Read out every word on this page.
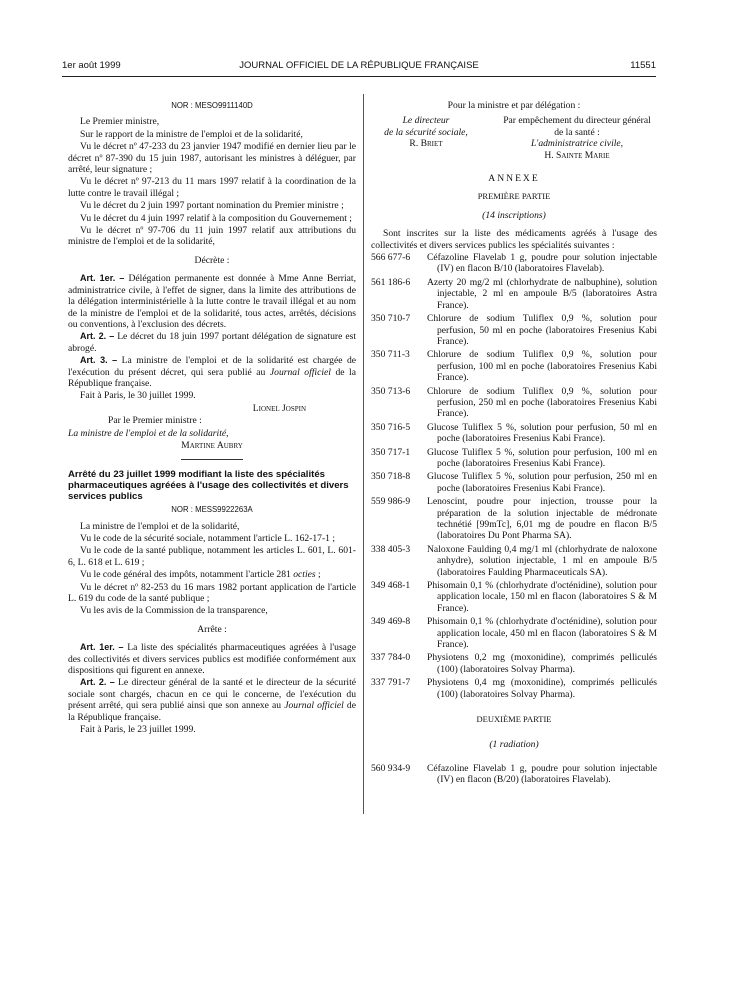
1er août 1999	JOURNAL OFFICIEL DE LA RÉPUBLIQUE FRANÇAISE	11551

NOR : MESO9911140D

Le Premier ministre,

Sur le rapport de la ministre de l'emploi et de la solidarité,

Vu le décret nº 47-233 du 23 janvier 1947 modifié en dernier lieu par le décret nº 87-390 du 15 juin 1987, autorisant les ministres à déléguer, par arrêté, leur signature ;

Vu le décret nº 97-213 du 11 mars 1997 relatif à la coordination de la lutte contre le travail illégal ;

Vu le décret du 2 juin 1997 portant nomination du Premier ministre ;

Vu le décret du 4 juin 1997 relatif à la composition du Gouvernement ;

Vu le décret nº 97-706 du 11 juin 1997 relatif aux attributions du ministre de l'emploi et de la solidarité,

Décrète :

Art. 1er. – Délégation permanente est donnée à Mme Anne Berriat, administratrice civile, à l'effet de signer, dans la limite des attributions de la délégation interministérielle à la lutte contre le travail illégal et au nom de la ministre de l'emploi et de la solidarité, tous actes, arrêtés, décisions ou conventions, à l'exclusion des décrets.

Art. 2. – Le décret du 18 juin 1997 portant délégation de signature est abrogé.

Art. 3. – La ministre de l'emploi et de la solidarité est chargée de l'exécution du présent décret, qui sera publié au Journal officiel de la République française.

Fait à Paris, le 30 juillet 1999.

Lionel Jospin

Par le Premier ministre :

La ministre de l'emploi et de la solidarité,

Martine Aubry

Arrêté du 23 juillet 1999 modifiant la liste des spécialités pharmaceutiques agréées à l'usage des collectivités et divers services publics

NOR : MESS9922263A

La ministre de l'emploi et de la solidarité,

Vu le code de la sécurité sociale, notamment l'article L. 162-17-1 ;

Vu le code de la santé publique, notamment les articles L. 601, L. 601-6, L. 618 et L. 619 ;

Vu le code général des impôts, notamment l'article 281 octies ;

Vu le décret nº 82-253 du 16 mars 1982 portant application de l'article L. 619 du code de la santé publique ;

Vu les avis de la Commission de la transparence,

Arrête :

Art. 1er. – La liste des spécialités pharmaceutiques agréées à l'usage des collectivités et divers services publics est modifiée conformément aux dispositions qui figurent en annexe.

Art. 2. – Le directeur général de la santé et le directeur de la sécurité sociale sont chargés, chacun en ce qui le concerne, de l'exécution du présent arrêté, qui sera publié ainsi que son annexe au Journal officiel de la République française.

Fait à Paris, le 23 juillet 1999.

Pour la ministre et par délégation :

Le directeur
de la sécurité sociale,
R. Briet
Par empêchement du directeur général
de la santé :
L'administratrice civile,
H. Sainte Marie

ANNEXE

PREMIÈRE PARTIE

(14 inscriptions)

Sont inscrites sur la liste des médicaments agréés à l'usage des collectivités et divers services publics les spécialités suivantes :

566 677-6	Céfazoline Flavelab 1 g, poudre pour solution injectable (IV) en flacon B/10 (laboratoires Flavelab).
561 186-6	Azerty 20 mg/2 ml (chlorhydrate de nalbuphine), solution injectable, 2 ml en ampoule B/5 (laboratoires Astra France).
350 710-7	Chlorure de sodium Tuliflex 0,9 %, solution pour perfusion, 50 ml en poche (laboratoires Fresenius Kabi France).
350 711-3	Chlorure de sodium Tuliflex 0,9 %, solution pour perfusion, 100 ml en poche (laboratoires Fresenius Kabi France).
350 713-6	Chlorure de sodium Tuliflex 0,9 %, solution pour perfusion, 250 ml en poche (laboratoires Fresenius Kabi France).
350 716-5	Glucose Tuliflex 5 %, solution pour perfusion, 50 ml en poche (laboratoires Fresenius Kabi France).
350 717-1	Glucose Tuliflex 5 %, solution pour perfusion, 100 ml en poche (laboratoires Fresenius Kabi France).
350 718-8	Glucose Tuliflex 5 %, solution pour perfusion, 250 ml en poche (laboratoires Fresenius Kabi France).
559 986-9	Lenoscint, poudre pour injection, trousse pour la préparation de la solution injectable de médronate technétié [99mTc], 6,01 mg de poudre en flacon B/5 (laboratoires Du Pont Pharma SA).
338 405-3	Naloxone Faulding 0,4 mg/1 ml (chlorhydrate de naloxone anhydre), solution injectable, 1 ml en ampoule B/5 (laboratoires Faulding Pharmaceuticals SA).
349 468-1	Phisomain 0,1 % (chlorhydrate d'octénidine), solution pour application locale, 150 ml en flacon (laboratoires S & M France).
349 469-8	Phisomain 0,1 % (chlorhydrate d'octénidine), solution pour application locale, 450 ml en flacon (laboratoires S & M France).
337 784-0	Physiotens 0,2 mg (moxonidine), comprimés pelliculés (100) (laboratoires Solvay Pharma).
337 791-7	Physiotens 0,4 mg (moxonidine), comprimés pelliculés (100) (laboratoires Solvay Pharma).

DEUXIÈME PARTIE

(1 radiation)

560 934-9	Céfazoline Flavelab 1 g, poudre pour solution injectable (IV) en flacon (B/20) (laboratoires Flavelab).
